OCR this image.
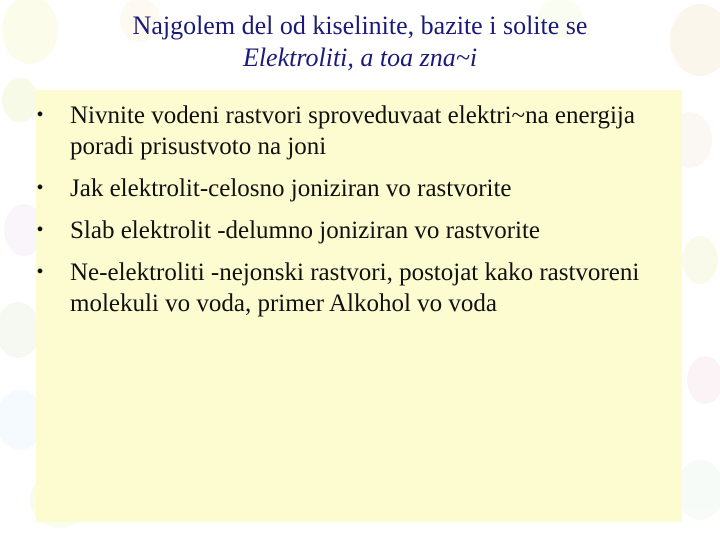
Najgolem del od kiselinite, bazite i solite se
Elektroliti, a toa zna~i
• Nivnite vodeni rastvori sproveduvaat elektri~na energija poradi prisustvoto na joni
• Jak elektrolit-celosno joniziran vo rastvorite
• Slab elektrolit -delumno joniziran vo rastvorite
• Ne-elektroliti -nejonski rastvori, postojat kako rastvoreni molekuli vo voda, primer Alkohol vo voda
